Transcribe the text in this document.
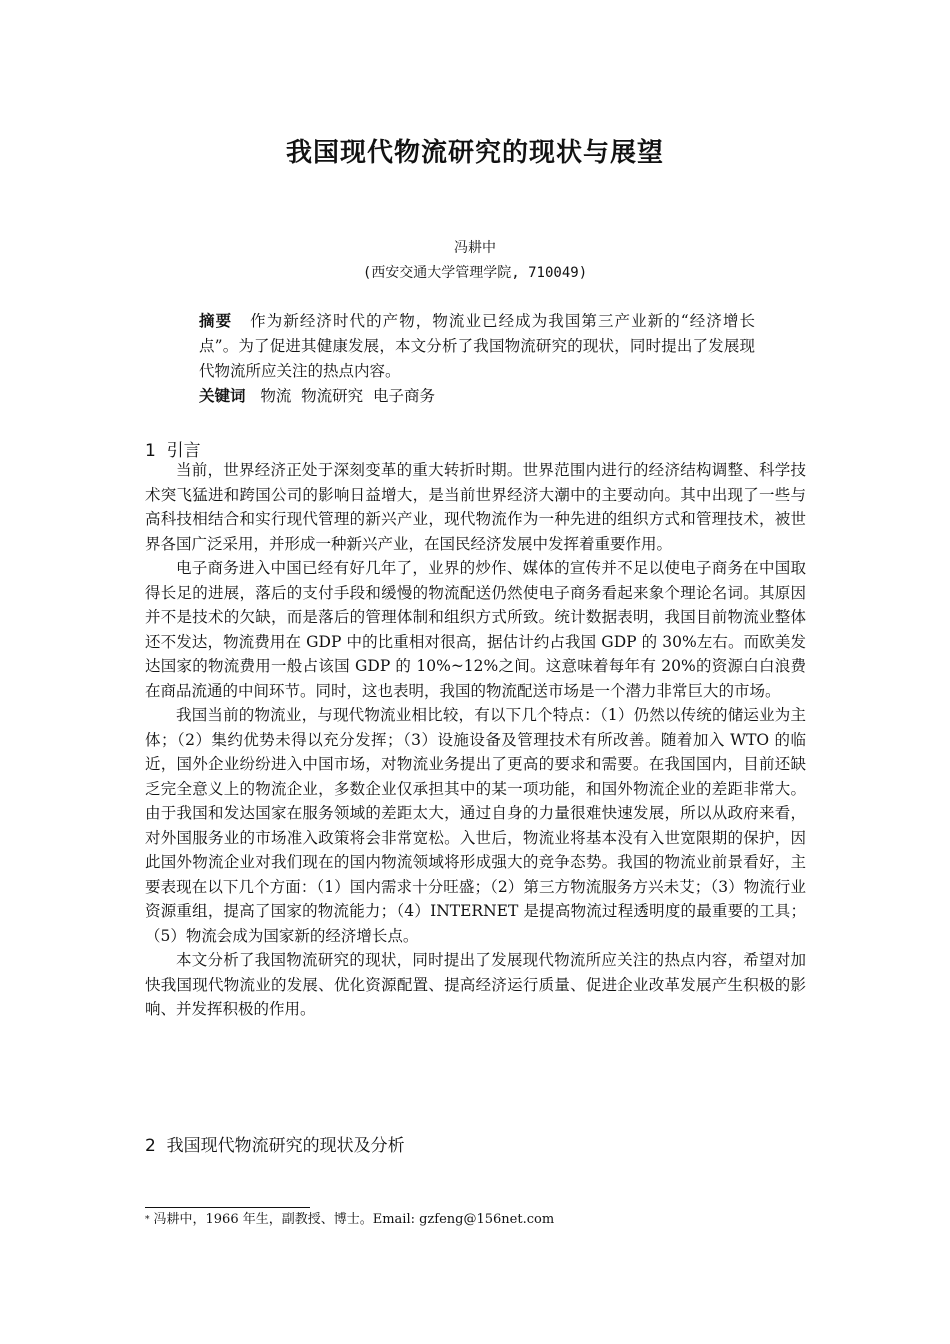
我国现代物流研究的现状与展望
冯耕中
(西安交通大学管理学院, 710049)
摘要 作为新经济时代的产物，物流业已经成为我国第三产业新的“经济增长点”。为了促进其健康发展，本文分析了我国物流研究的现状，同时提出了发展现代物流所应关注的热点内容。
关键词 物流  物流研究  电子商务
1  引言

当前，世界经济正处于深刻变革的重大转折时期。世界范围内进行的经济结构调整、科学技术突飞猛进和跨国公司的影响日益增大，是当前世界经济大潮中的主要动向。其中出现了一些与高科技相结合和实行现代管理的新兴产业，现代物流作为一种先进的组织方式和管理技术，被世界各国广泛采用，并形成一种新兴产业，在国民经济发展中发挥着重要作用。

电子商务进入中国已经有好几年了，业界的炒作、媒体的宣传并不足以使电子商务在中国取得长足的进展，落后的支付手段和缓慢的物流配送仍然使电子商务看起来象个理论名词。其原因并不是技术的欠缺，而是落后的管理体制和组织方式所致。统计数据表明，我国目前物流业整体还不发达，物流费用在 GDP 中的比重相对很高，据估计约占我国 GDP 的 30%左右。而欧美发达国家的物流费用一般占该国 GDP 的 10%~12%之间。这意味着每年有 20%的资源白白浪费在商品流通的中间环节。同时，这也表明，我国的物流配送市场是一个潜力非常巨大的市场。

我国当前的物流业，与现代物流业相比较，有以下几个特点：（1）仍然以传统的储运业为主体；（2）集约优势未得以充分发挥；（3）设施设备及管理技术有所改善。随着加入 WTO 的临近，国外企业纷纷进入中国市场，对物流业务提出了更高的要求和需要。在我国国内，目前还缺乏完全意义上的物流企业，多数企业仅承担其中的某一项功能，和国外物流企业的差距非常大。由于我国和发达国家在服务领域的差距太大，通过自身的力量很难快速发展，所以从政府来看，对外国服务业的市场准入政策将会非常宽松。入世后，物流业将基本没有入世宽限期的保护，因此国外物流企业对我们现在的国内物流领域将形成强大的竞争态势。我国的物流业前景看好，主要表现在以下几个方面：（1）国内需求十分旺盛；（2）第三方物流服务方兴未艾；（3）物流行业资源重组，提高了国家的物流能力；（4）INTERNET 是提高物流过程透明度的最重要的工具；（5）物流会成为国家新的经济增长点。

本文分析了我国物流研究的现状，同时提出了发展现代物流所应关注的热点内容，希望对加快我国现代物流业的发展、优化资源配置、提高经济运行质量、促进企业改革发展产生积极的影响、并发挥积极的作用。

2  我国现代物流研究的现状及分析
* 冯耕中，1966 年生，副教授、博士。Email: gzfeng@156net.com
